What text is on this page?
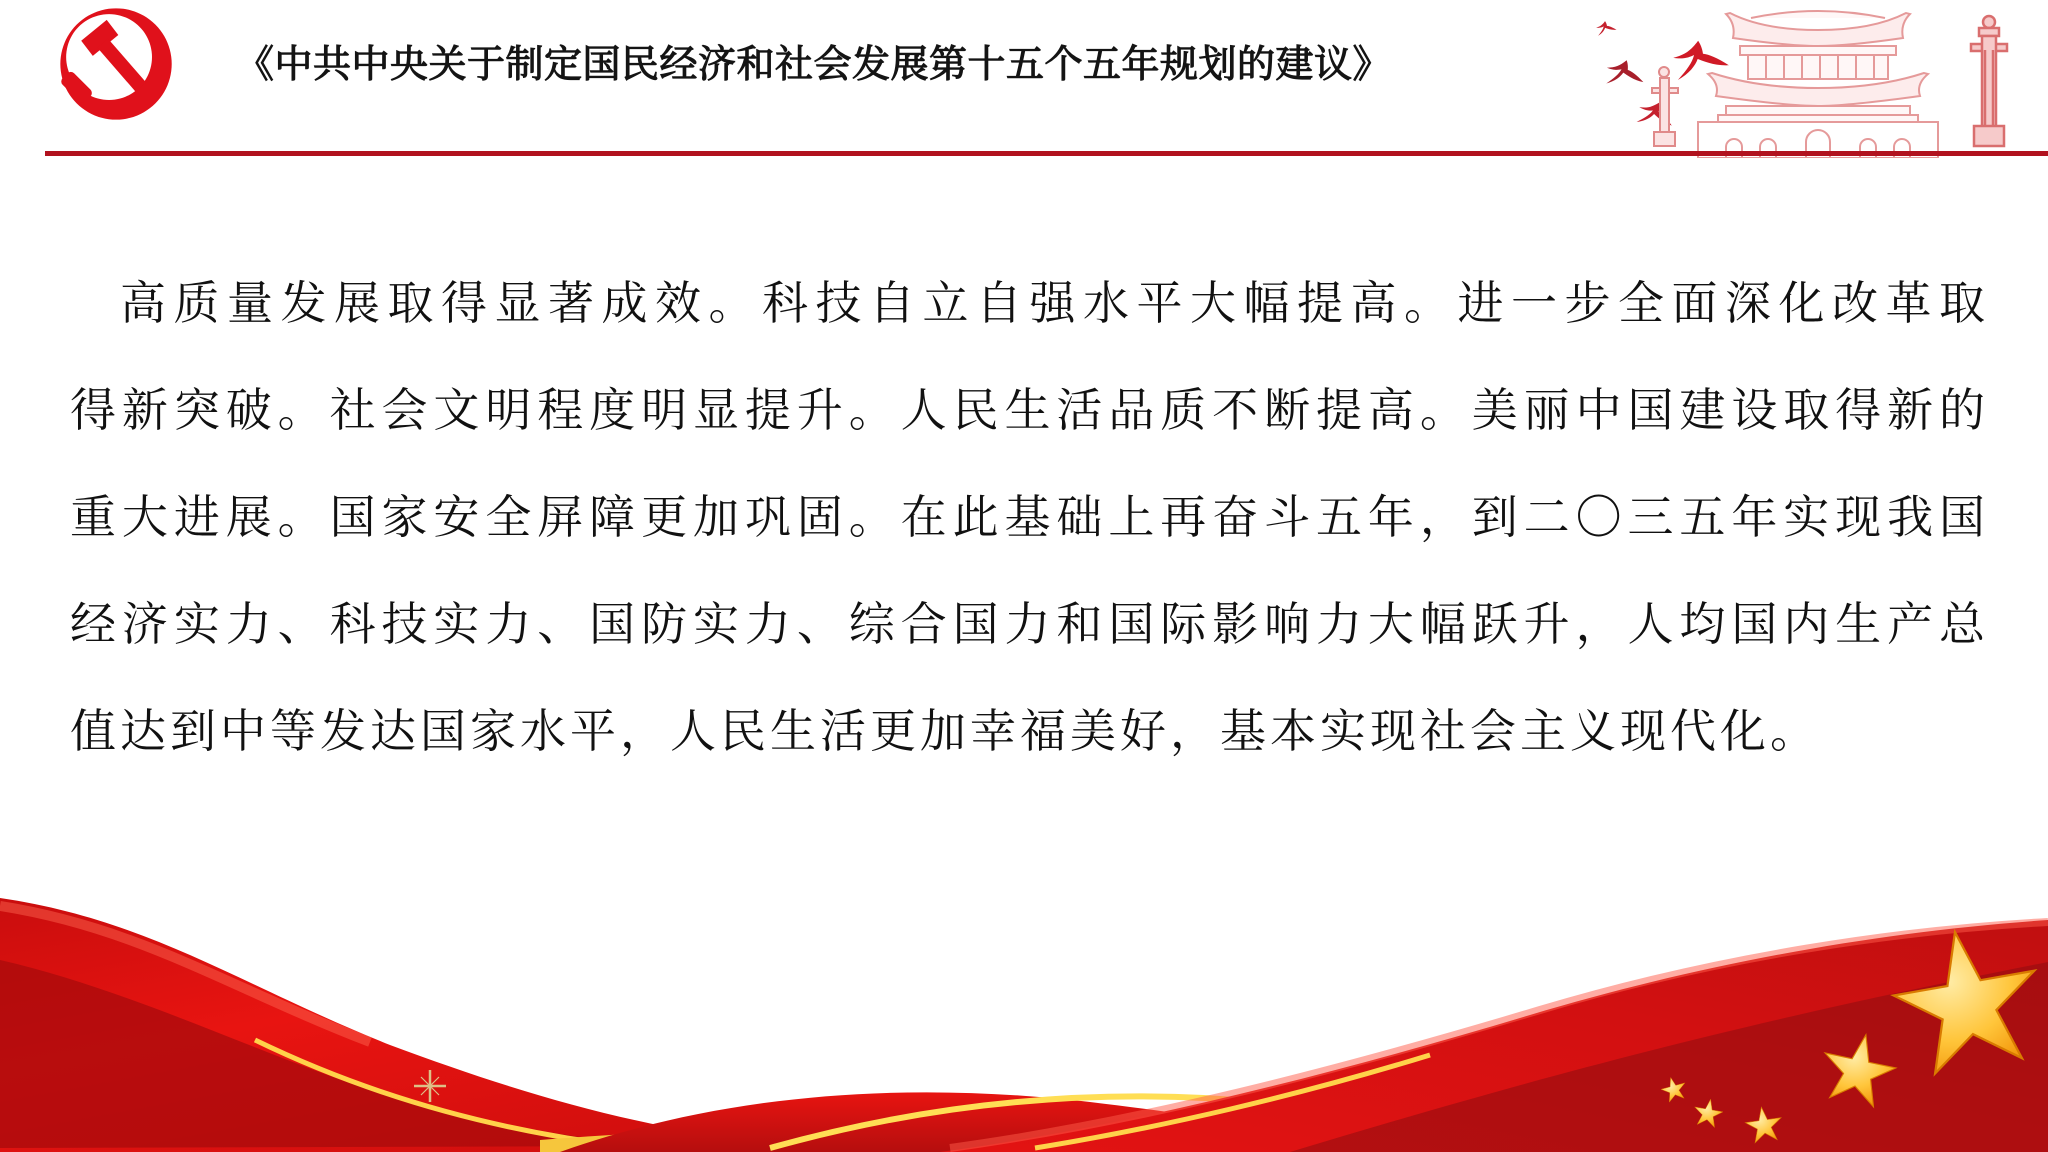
《中共中央关于制定国民经济和社会发展第十五个五年规划的建议》

高质量发展取得显著成效。科技自立自强水平大幅提高。进一步全面深化改革取

得新突破。社会文明程度明显提升。人民生活品质不断提高。美丽中国建设取得新的

重大进展。国家安全屏障更加巩固。在此基础上再奋斗五年，到二〇三五年实现我国

经济实力、科技实力、国防实力、综合国力和国际影响力大幅跃升，人均国内生产总

值达到中等发达国家水平，人民生活更加幸福美好，基本实现社会主义现代化。
